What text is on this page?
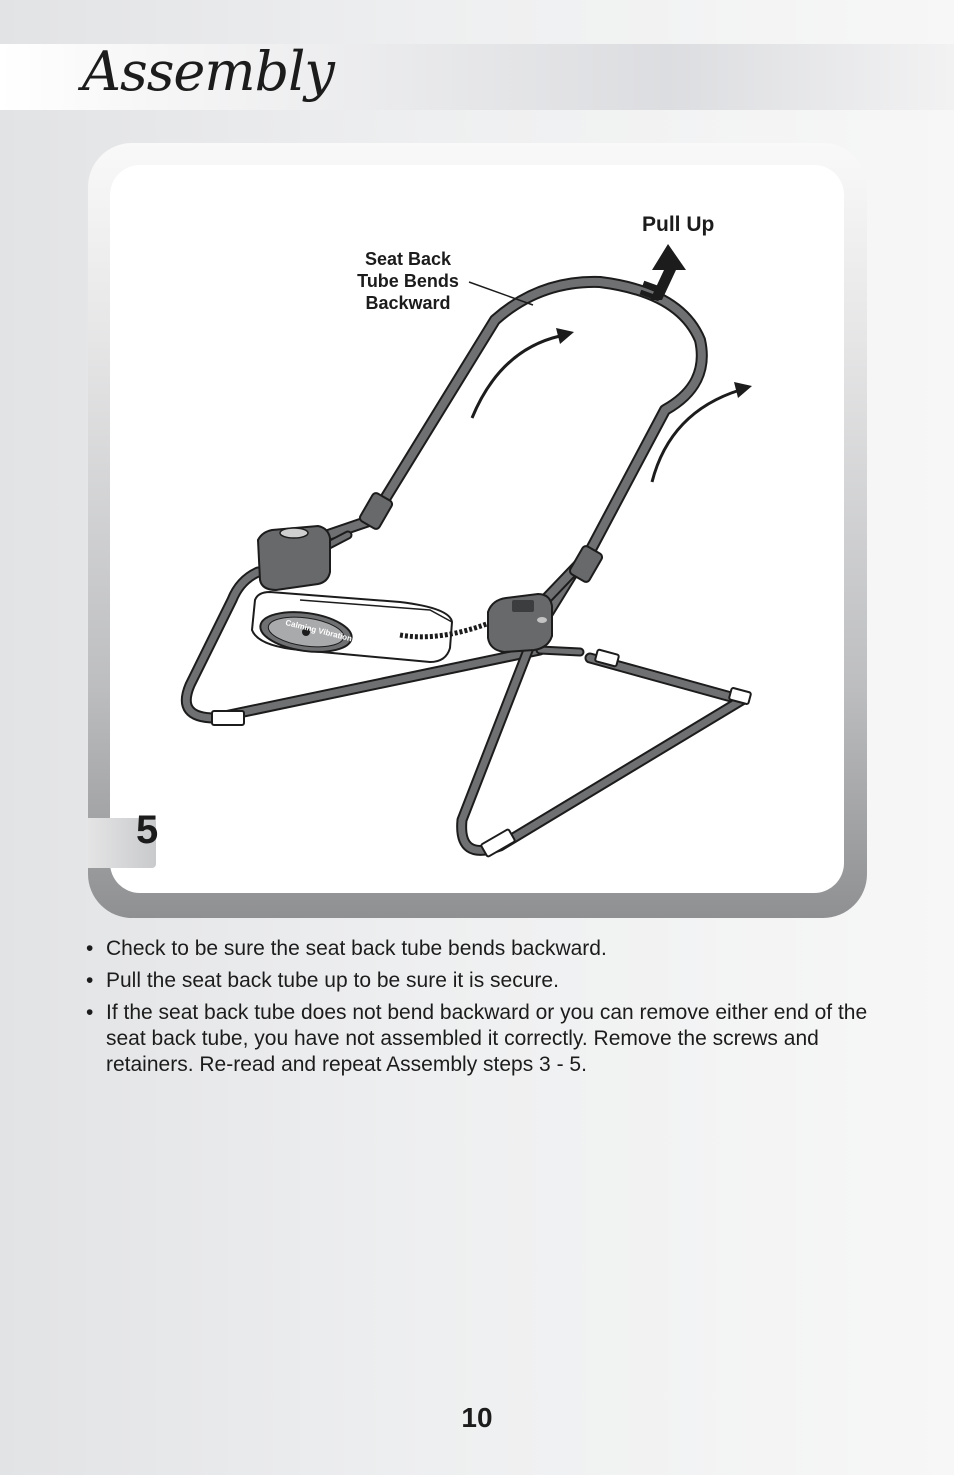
Assembly
5
Calming Vibrations
Seat Back
Tube Bends
Backward
Pull Up
• Check to be sure the seat back tube bends backward.
• Pull the seat back tube up to be sure it is secure.
• If the seat back tube does not bend backward or you can remove either end of the seat back tube, you have not assembled it correctly. Remove the screws and retainers. Re-read and repeat Assembly steps 3 - 5.
10
